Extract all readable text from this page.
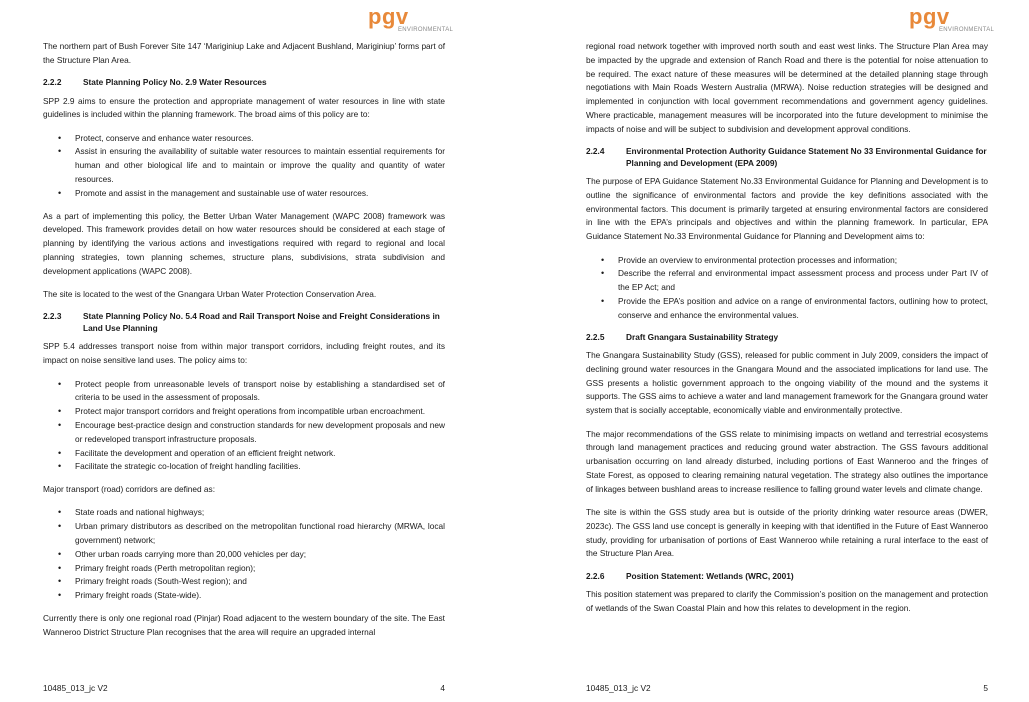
pgv
ENVIRONMENTAL

The northern part of Bush Forever Site 147 ‘Mariginiup Lake and Adjacent Bushland, Mariginiup’ forms part of the Structure Plan Area.

2.2.2	State Planning Policy No. 2.9 Water Resources

SPP 2.9 aims to ensure the protection and appropriate management of water resources in line with state guidelines is included within the planning framework. The broad aims of this policy are to:

• Protect, conserve and enhance water resources.
• Assist in ensuring the availability of suitable water resources to maintain essential requirements for human and other biological life and to maintain or improve the quality and quantity of water resources.
• Promote and assist in the management and sustainable use of water resources.

As a part of implementing this policy, the Better Urban Water Management (WAPC 2008) framework was developed. This framework provides detail on how water resources should be considered at each stage of planning by identifying the various actions and investigations required with regard to regional and local planning strategies, town planning schemes, structure plans, subdivisions, strata subdivision and development applications (WAPC 2008).

The site is located to the west of the Gnangara Urban Water Protection Conservation Area.

2.2.3	State Planning Policy No. 5.4 Road and Rail Transport Noise and Freight Considerations in Land Use Planning

SPP 5.4 addresses transport noise from within major transport corridors, including freight routes, and its impact on noise sensitive land uses. The policy aims to:

• Protect people from unreasonable levels of transport noise by establishing a standardised set of criteria to be used in the assessment of proposals.
• Protect major transport corridors and freight operations from incompatible urban encroachment.
• Encourage best-practice design and construction standards for new development proposals and new or redeveloped transport infrastructure proposals.
• Facilitate the development and operation of an efficient freight network.
• Facilitate the strategic co-location of freight handling facilities.

Major transport (road) corridors are defined as:

• State roads and national highways;
• Urban primary distributors as described on the metropolitan functional road hierarchy (MRWA, local government) network;
• Other urban roads carrying more than 20,000 vehicles per day;
• Primary freight roads (Perth metropolitan region);
• Primary freight roads (South-West region); and
• Primary freight roads (State-wide).

Currently there is only one regional road (Pinjar) Road adjacent to the western boundary of the site. The East Wanneroo District Structure Plan recognises that the area will require an upgraded internal

10485_013_jc V2	4
pgv
ENVIRONMENTAL

regional road network together with improved north south and east west links. The Structure Plan Area may be impacted by the upgrade and extension of Ranch Road and there is the potential for noise attenuation to be required. The exact nature of these measures will be determined at the detailed planning stage through negotiations with Main Roads Western Australia (MRWA). Noise reduction strategies will be designed and implemented in conjunction with local government recommendations and government agency guidelines. Where practicable, management measures will be incorporated into the future development to minimise the impacts of noise and will be subject to subdivision and development approval conditions.

2.2.4	Environmental Protection Authority Guidance Statement No 33 Environmental Guidance for Planning and Development (EPA 2009)

The purpose of EPA Guidance Statement No.33 Environmental Guidance for Planning and Development is to outline the significance of environmental factors and provide the key definitions associated with the environmental factors. This document is primarily targeted at ensuring environmental factors are considered in line with the EPA’s principals and objectives and within the planning framework. In particular, EPA Guidance Statement No.33 Environmental Guidance for Planning and Development aims to:

• Provide an overview to environmental protection processes and information;
• Describe the referral and environmental impact assessment process and process under Part IV of the EP Act; and
• Provide the EPA’s position and advice on a range of environmental factors, outlining how to protect, conserve and enhance the environmental values.
2.2.5	Draft Gnangara Sustainability Strategy

The Gnangara Sustainability Study (GSS), released for public comment in July 2009, considers the impact of declining ground water resources in the Gnangara Mound and the associated implications for land use. The GSS presents a holistic government approach to the ongoing viability of the mound and the systems it supports. The GSS aims to achieve a water and land management framework for the Gnangara ground water system that is socially acceptable, economically viable and environmentally protective.

The major recommendations of the GSS relate to minimising impacts on wetland and terrestrial ecosystems through land management practices and reducing ground water abstraction. The GSS favours additional urbanisation occurring on land already disturbed, including portions of East Wanneroo and the fringes of State Forest, as opposed to clearing remaining natural vegetation. The strategy also outlines the importance of linkages between bushland areas to increase resilience to falling ground water levels and climate change.

The site is within the GSS study area but is outside of the priority drinking water resource areas (DWER, 2023c). The GSS land use concept is generally in keeping with that identified in the Future of East Wanneroo study, providing for urbanisation of portions of East Wanneroo while retaining a rural interface to the east of the Structure Plan Area.

2.2.6	Position Statement: Wetlands (WRC, 2001)

This position statement was prepared to clarify the Commission’s position on the management and protection of wetlands of the Swan Coastal Plain and how this relates to development in the region.

10485_013_jc V2	5
